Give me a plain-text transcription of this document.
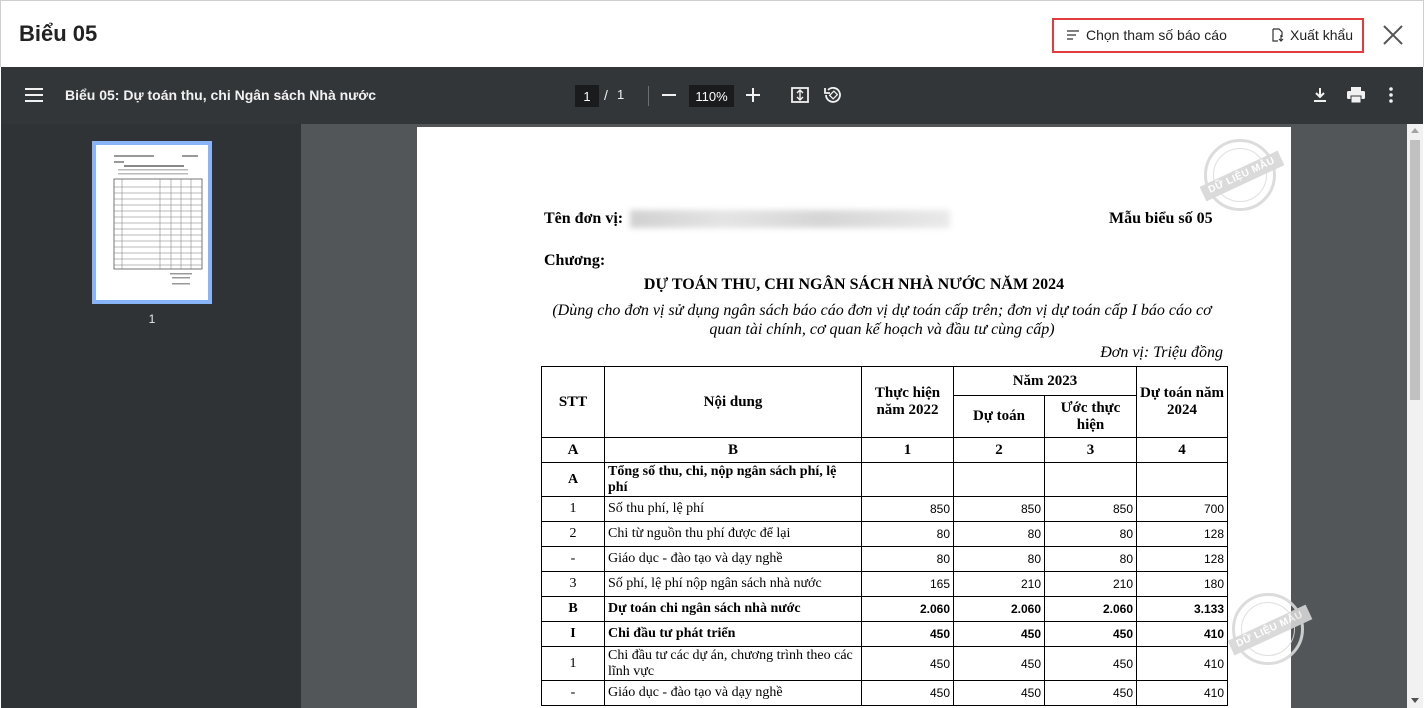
Biểu 05	Chọn tham số báo cáo	Xuất khẩu
Biểu 05: Dự toán thu, chi Ngân sách Nhà nước	1 / 1	110%
1
DỮ LIỆU MẪU
Tên đơn vị:	Mẫu biểu số 05
Chương:
DỰ TOÁN THU, CHI NGÂN SÁCH NHÀ NƯỚC NĂM 2024
(Dùng cho đơn vị sử dụng ngân sách báo cáo đơn vị dự toán cấp trên; đơn vị dự toán cấp I báo cáo cơ quan tài chính, cơ quan kế hoạch và đầu tư cùng cấp)
Đơn vị: Triệu đồng
STT	Nội dung	Thực hiện năm 2022	Năm 2023		Dự toán năm 2024
			Dự toán	Ước thực hiện	
A	B	1	2	3	4
A	Tổng số thu, chi, nộp ngân sách phí, lệ phí				
1	Số thu phí, lệ phí	850	850	850	700
2	Chi từ nguồn thu phí được để lại	80	80	80	128
-	Giáo dục - đào tạo và dạy nghề	80	80	80	128
3	Số phí, lệ phí nộp ngân sách nhà nước	165	210	210	180
B	Dự toán chi ngân sách nhà nước	2.060	2.060	2.060	3.133
I	Chi đầu tư phát triển	450	450	450	410
1	Chi đầu tư các dự án, chương trình theo các lĩnh vực	450	450	450	410
-	Giáo dục - đào tạo và dạy nghề	450	450	450	410
DỮ LIỆU MẪU
